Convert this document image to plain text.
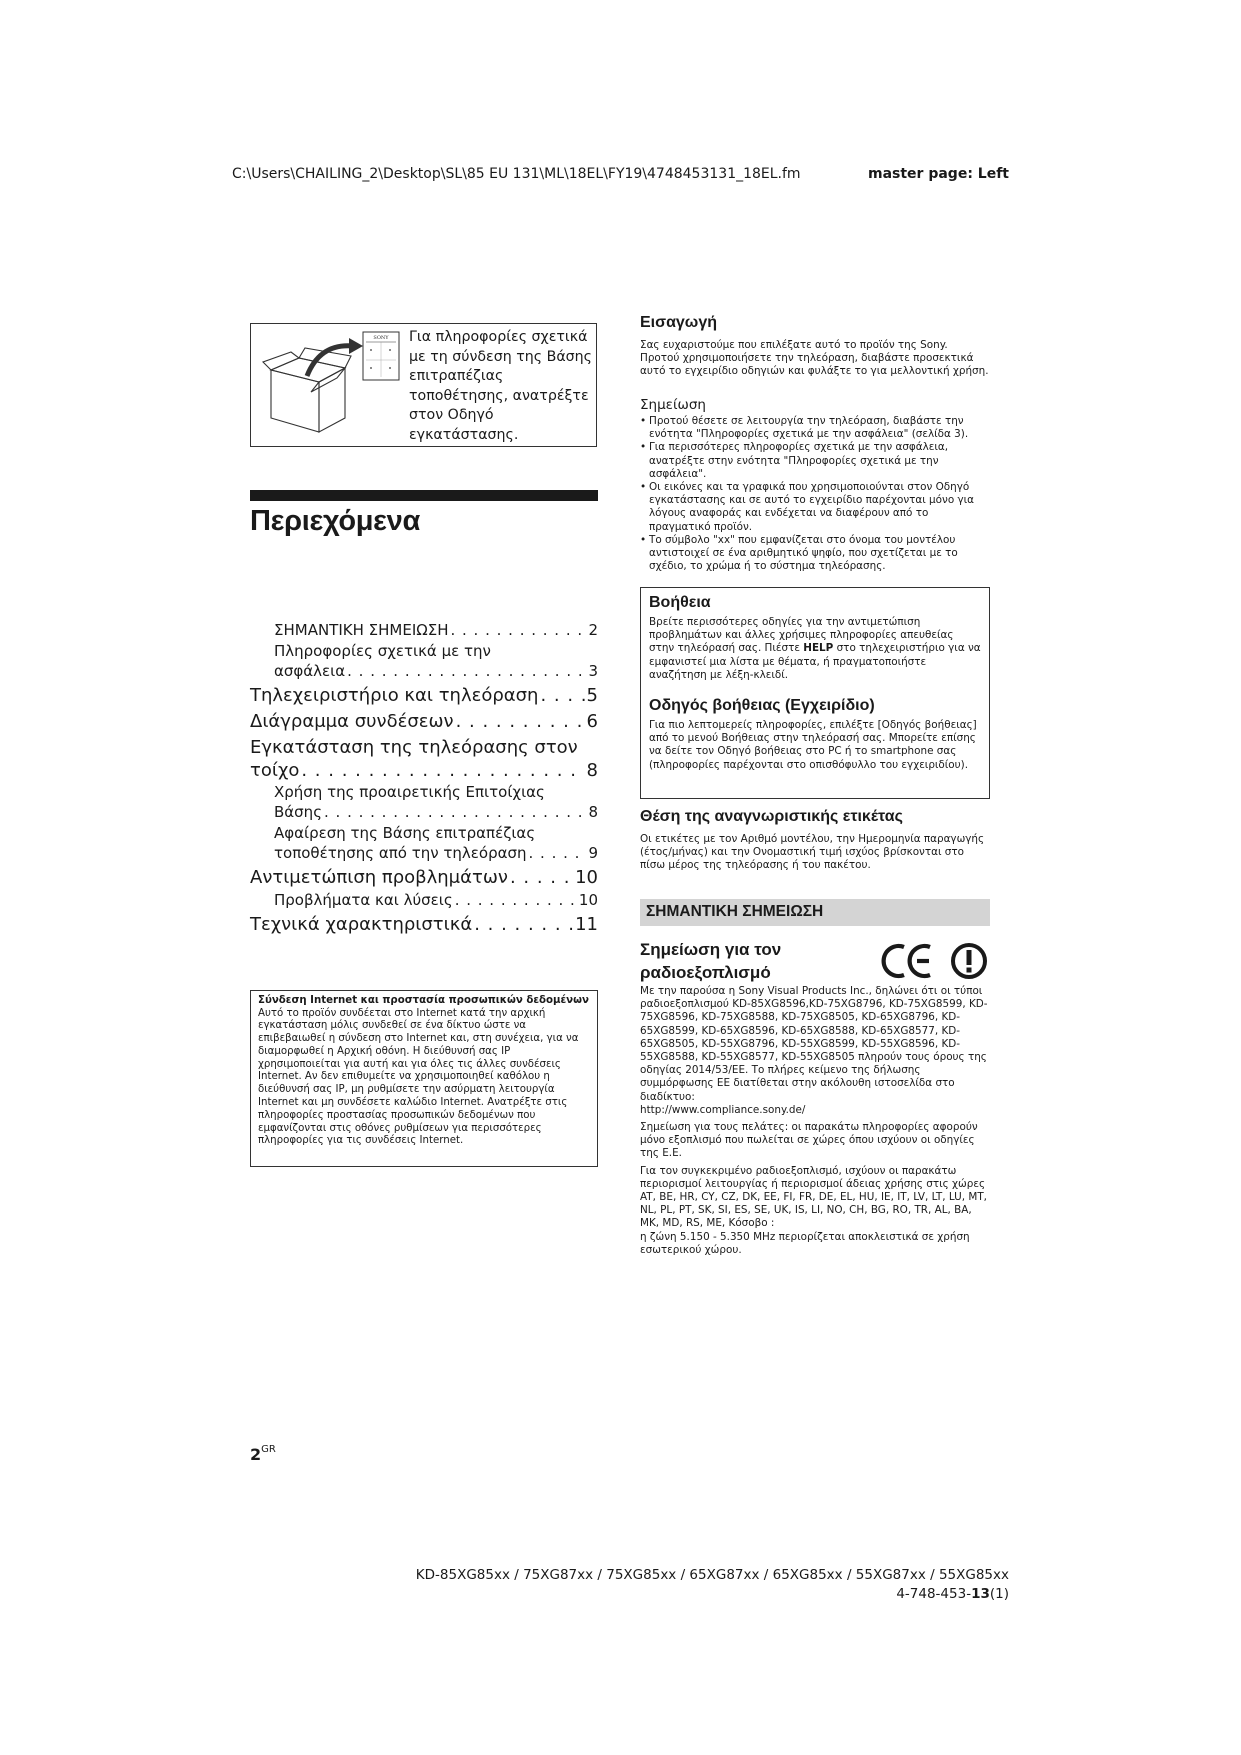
C:\Users\CHAILING_2\Desktop\SL\85 EU 131\ML\18EL\FY19\4748453131_18EL.fm	master page: Left
SONY Για πληροφορίες σχετικά με τη σύνδεση της Βάσης επιτραπέζιας τοποθέτησης, ανατρέξτε στον Οδηγό εγκατάστασης.
Περιεχόμενα
ΣΗΜΑΝΤΙΚΗ ΣΗΜΕΙΩΣΗ . . .	2
Πληροφορίες σχετικά με την
ασφάλεια . . .	3
Τηλεχειριστήριο και τηλεόραση . . .	5
Διάγραμμα συνδέσεων . . .	6
Εγκατάσταση της τηλεόρασης στον
τοίχο . . .	8
Χρήση της προαιρετικής Επιτοίχιας
Βάσης . . .	8
Αφαίρεση της Βάσης επιτραπέζιας
τοποθέτησης από την τηλεόραση . . .	9
Αντιμετώπιση προβλημάτων . . .	10
Προβλήματα και λύσεις . . .	10
Τεχνικά χαρακτηριστικά . . .	11
Σύνδεση Internet και προστασία προσωπικών δεδομένων
Αυτό το προϊόν συνδέεται στο Internet κατά την αρχική εγκατάσταση μόλις συνδεθεί σε ένα δίκτυο ώστε να επιβεβαιωθεί η σύνδεση στο Internet και, στη συνέχεια, για να διαμορφωθεί η Αρχική οθόνη. Η διεύθυνσή σας IP χρησιμοποιείται για αυτή και για όλες τις άλλες συνδέσεις Internet. Αν δεν επιθυμείτε να χρησιμοποιηθεί καθόλου η διεύθυνσή σας IP, μη ρυθμίσετε την ασύρματη λειτουργία Internet και μη συνδέσετε καλώδιο Internet. Ανατρέξτε στις πληροφορίες προστασίας προσωπικών δεδομένων που εμφανίζονται στις οθόνες ρυθμίσεων για περισσότερες πληροφορίες για τις συνδέσεις Internet.
Εισαγωγή
Σας ευχαριστούμε που επιλέξατε αυτό το προϊόν της Sony. Προτού χρησιμοποιήσετε την τηλεόραση, διαβάστε προσεκτικά αυτό το εγχειρίδιο οδηγιών και φυλάξτε το για μελλοντική χρήση.
Σημείωση
• Προτού θέσετε σε λειτουργία την τηλεόραση, διαβάστε την ενότητα "Πληροφορίες σχετικά με την ασφάλεια" (σελίδα 3).
• Για περισσότερες πληροφορίες σχετικά με την ασφάλεια, ανατρέξτε στην ενότητα "Πληροφορίες σχετικά με την ασφάλεια".
• Οι εικόνες και τα γραφικά που χρησιμοποιούνται στον Οδηγό εγκατάστασης και σε αυτό το εγχειρίδιο παρέχονται μόνο για λόγους αναφοράς και ενδέχεται να διαφέρουν από το πραγματικό προϊόν.
• Το σύμβολο "xx" που εμφανίζεται στο όνομα του μοντέλου αντιστοιχεί σε ένα αριθμητικό ψηφίο, που σχετίζεται με το σχέδιο, το χρώμα ή το σύστημα τηλεόρασης.
Βοήθεια
Βρείτε περισσότερες οδηγίες για την αντιμετώπιση προβλημάτων και άλλες χρήσιμες πληροφορίες απευθείας στην τηλεόρασή σας. Πιέστε HELP στο τηλεχειριστήριο για να εμφανιστεί μια λίστα με θέματα, ή πραγματοποιήστε αναζήτηση με λέξη-κλειδί.
Οδηγός βοήθειας (Εγχειρίδιο)
Για πιο λεπτομερείς πληροφορίες, επιλέξτε [Οδηγός βοήθειας] από το μενού Βοήθειας στην τηλεόρασή σας. Μπορείτε επίσης να δείτε τον Οδηγό βοήθειας στο PC ή το smartphone σας (πληροφορίες παρέχονται στο οπισθόφυλλο του εγχειριδίου).
Θέση της αναγνωριστικής ετικέτας
Οι ετικέτες με τον Αριθμό μοντέλου, την Ημερομηνία παραγωγής (έτος/μήνας) και την Ονομαστική τιμή ισχύος βρίσκονται στο πίσω μέρος της τηλεόρασης ή του πακέτου.
ΣΗΜΑΝΤΙΚΗ ΣΗΜΕΙΩΣΗ
Σημείωση για τον ραδιοεξοπλισμό

Με την παρούσα η Sony Visual Products Inc., δηλώνει ότι οι τύποι ραδιοεξοπλισμού KD-85XG8596,KD-75XG8796, KD-75XG8599, KD-75XG8596, KD-75XG8588, KD-75XG8505, KD-65XG8796, KD-65XG8599, KD-65XG8596, KD-65XG8588, KD-65XG8577, KD-65XG8505, KD-55XG8796, KD-55XG8599, KD-55XG8596, KD-55XG8588, KD-55XG8577, KD-55XG8505 πληρούν τους όρους της οδηγίας 2014/53/ΕΕ. Το πλήρες κείμενο της δήλωσης συμμόρφωσης ΕΕ διατίθεται στην ακόλουθη ιστοσελίδα στο διαδίκτυο:
http://www.compliance.sony.de/

Σημείωση για τους πελάτες: οι παρακάτω πληροφορίες αφορούν μόνο εξοπλισμό που πωλείται σε χώρες όπου ισχύουν οι οδηγίες της Ε.Ε.

Για τον συγκεκριμένο ραδιοεξοπλισμό, ισχύουν οι παρακάτω περιορισμοί λειτουργίας ή περιορισμοί άδειας χρήσης στις χώρες AT, BE, HR, CY, CZ, DK, EE, FI, FR, DE, EL, HU, IE, IT, LV, LT, LU, MT, NL, PL, PT, SK, SI, ES, SE, UK, IS, LI, NO, CH, BG, RO, TR, AL, BA, MK, MD, RS, ME, Κόσοβο :
η ζώνη 5.150 - 5.350 MHz περιορίζεται αποκλειστικά σε χρήση εσωτερικού χώρου.

$2^{GR}$
KD-85XG85xx / 75XG87xx / 75XG85xx / 65XG87xx / 65XG85xx / 55XG87xx / 55XG85xx
4-748-453-13(1)
